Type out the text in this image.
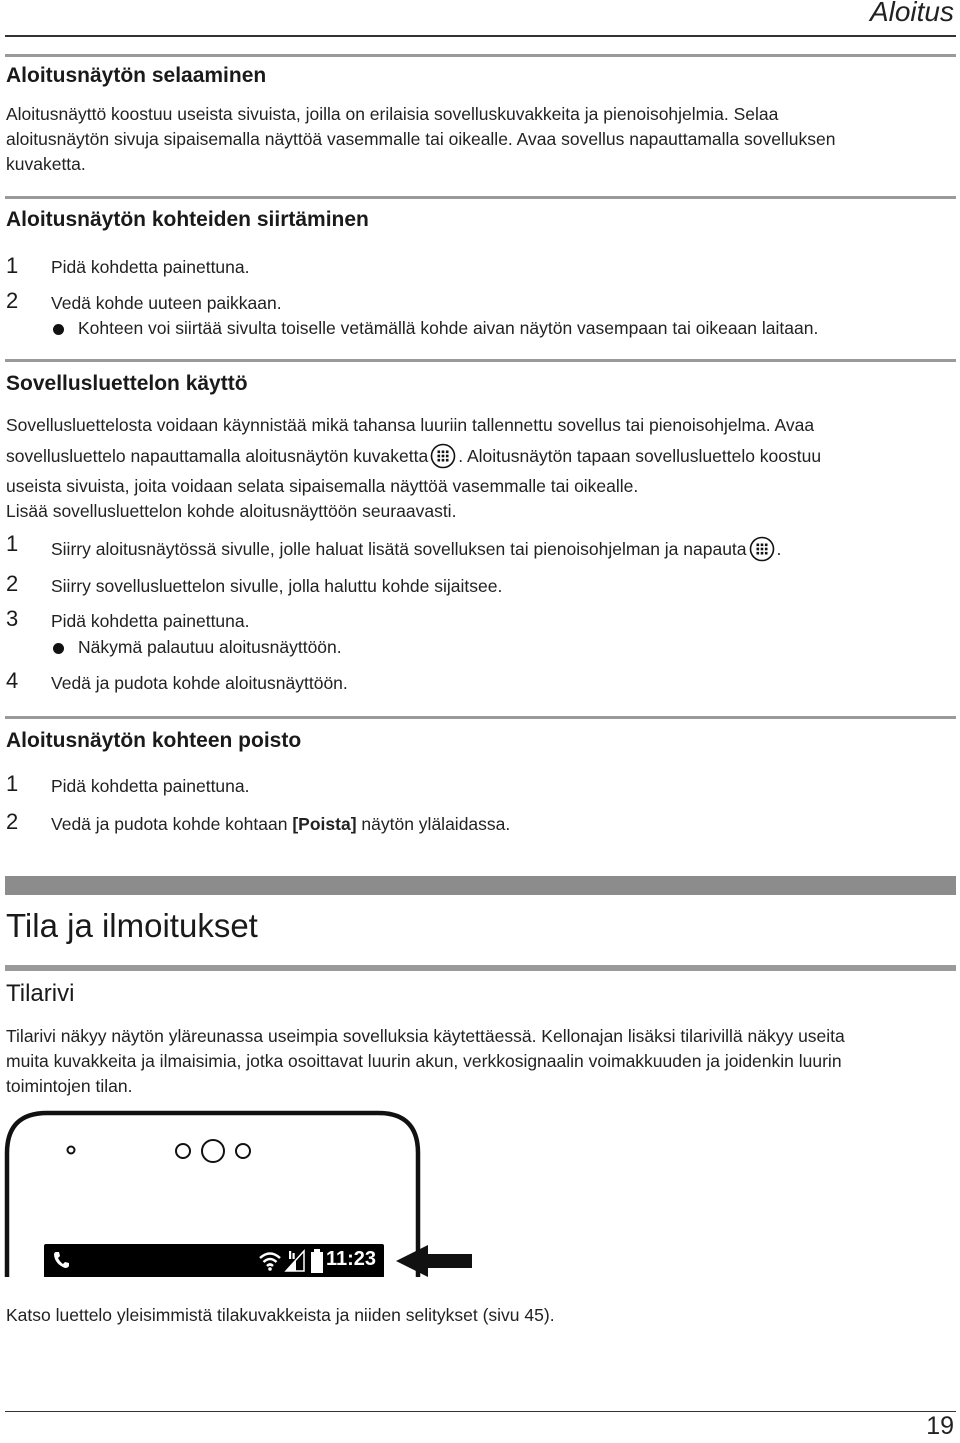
Aloitus
Aloitusnäytön selaaminen
Aloitusnäyttö koostuu useista sivuista, joilla on erilaisia sovelluskuvakkeita ja pienoisohjelmia. Selaa
aloitusnäytön sivuja sipaisemalla näyttöä vasemmalle tai oikealle. Avaa sovellus napauttamalla sovelluksen
kuvaketta.
Aloitusnäytön kohteiden siirtäminen
1 Pidä kohdetta painettuna.
2 Vedä kohde uuteen paikkaan.
Kohteen voi siirtää sivulta toiselle vetämällä kohde aivan näytön vasempaan tai oikeaan laitaan.
Sovellusluettelon käyttö
Sovellusluettelosta voidaan käynnistää mikä tahansa luuriin tallennettu sovellus tai pienoisohjelma. Avaa
sovellusluettelo napauttamalla aloitusnäytön kuvaketta . Aloitusnäytön tapaan sovellusluettelo koostuu
useista sivuista, joita voidaan selata sipaisemalla näyttöä vasemmalle tai oikealle.
Lisää sovellusluettelon kohde aloitusnäyttöön seuraavasti.
1 Siirry aloitusnäytössä sivulle, jolle haluat lisätä sovelluksen tai pienoisohjelman ja napauta .
2 Siirry sovellusluettelon sivulle, jolla haluttu kohde sijaitsee.
3 Pidä kohdetta painettuna.
Näkymä palautuu aloitusnäyttöön.
4 Vedä ja pudota kohde aloitusnäyttöön.
Aloitusnäytön kohteen poisto
1 Pidä kohdetta painettuna.
2 Vedä ja pudota kohde kohtaan [Poista] näytön ylälaidassa.
Tila ja ilmoitukset
Tilarivi
Tilarivi näkyy näytön yläreunassa useimpia sovelluksia käytettäessä. Kellonajan lisäksi tilarivillä näkyy useita
muita kuvakkeita ja ilmaisimia, jotka osoittavat luurin akun, verkkosignaalin voimakkuuden ja joidenkin luurin
toimintojen tilan.
11:23
Katso luettelo yleisimmistä tilakuvakkeista ja niiden selitykset (sivu 45).
19
